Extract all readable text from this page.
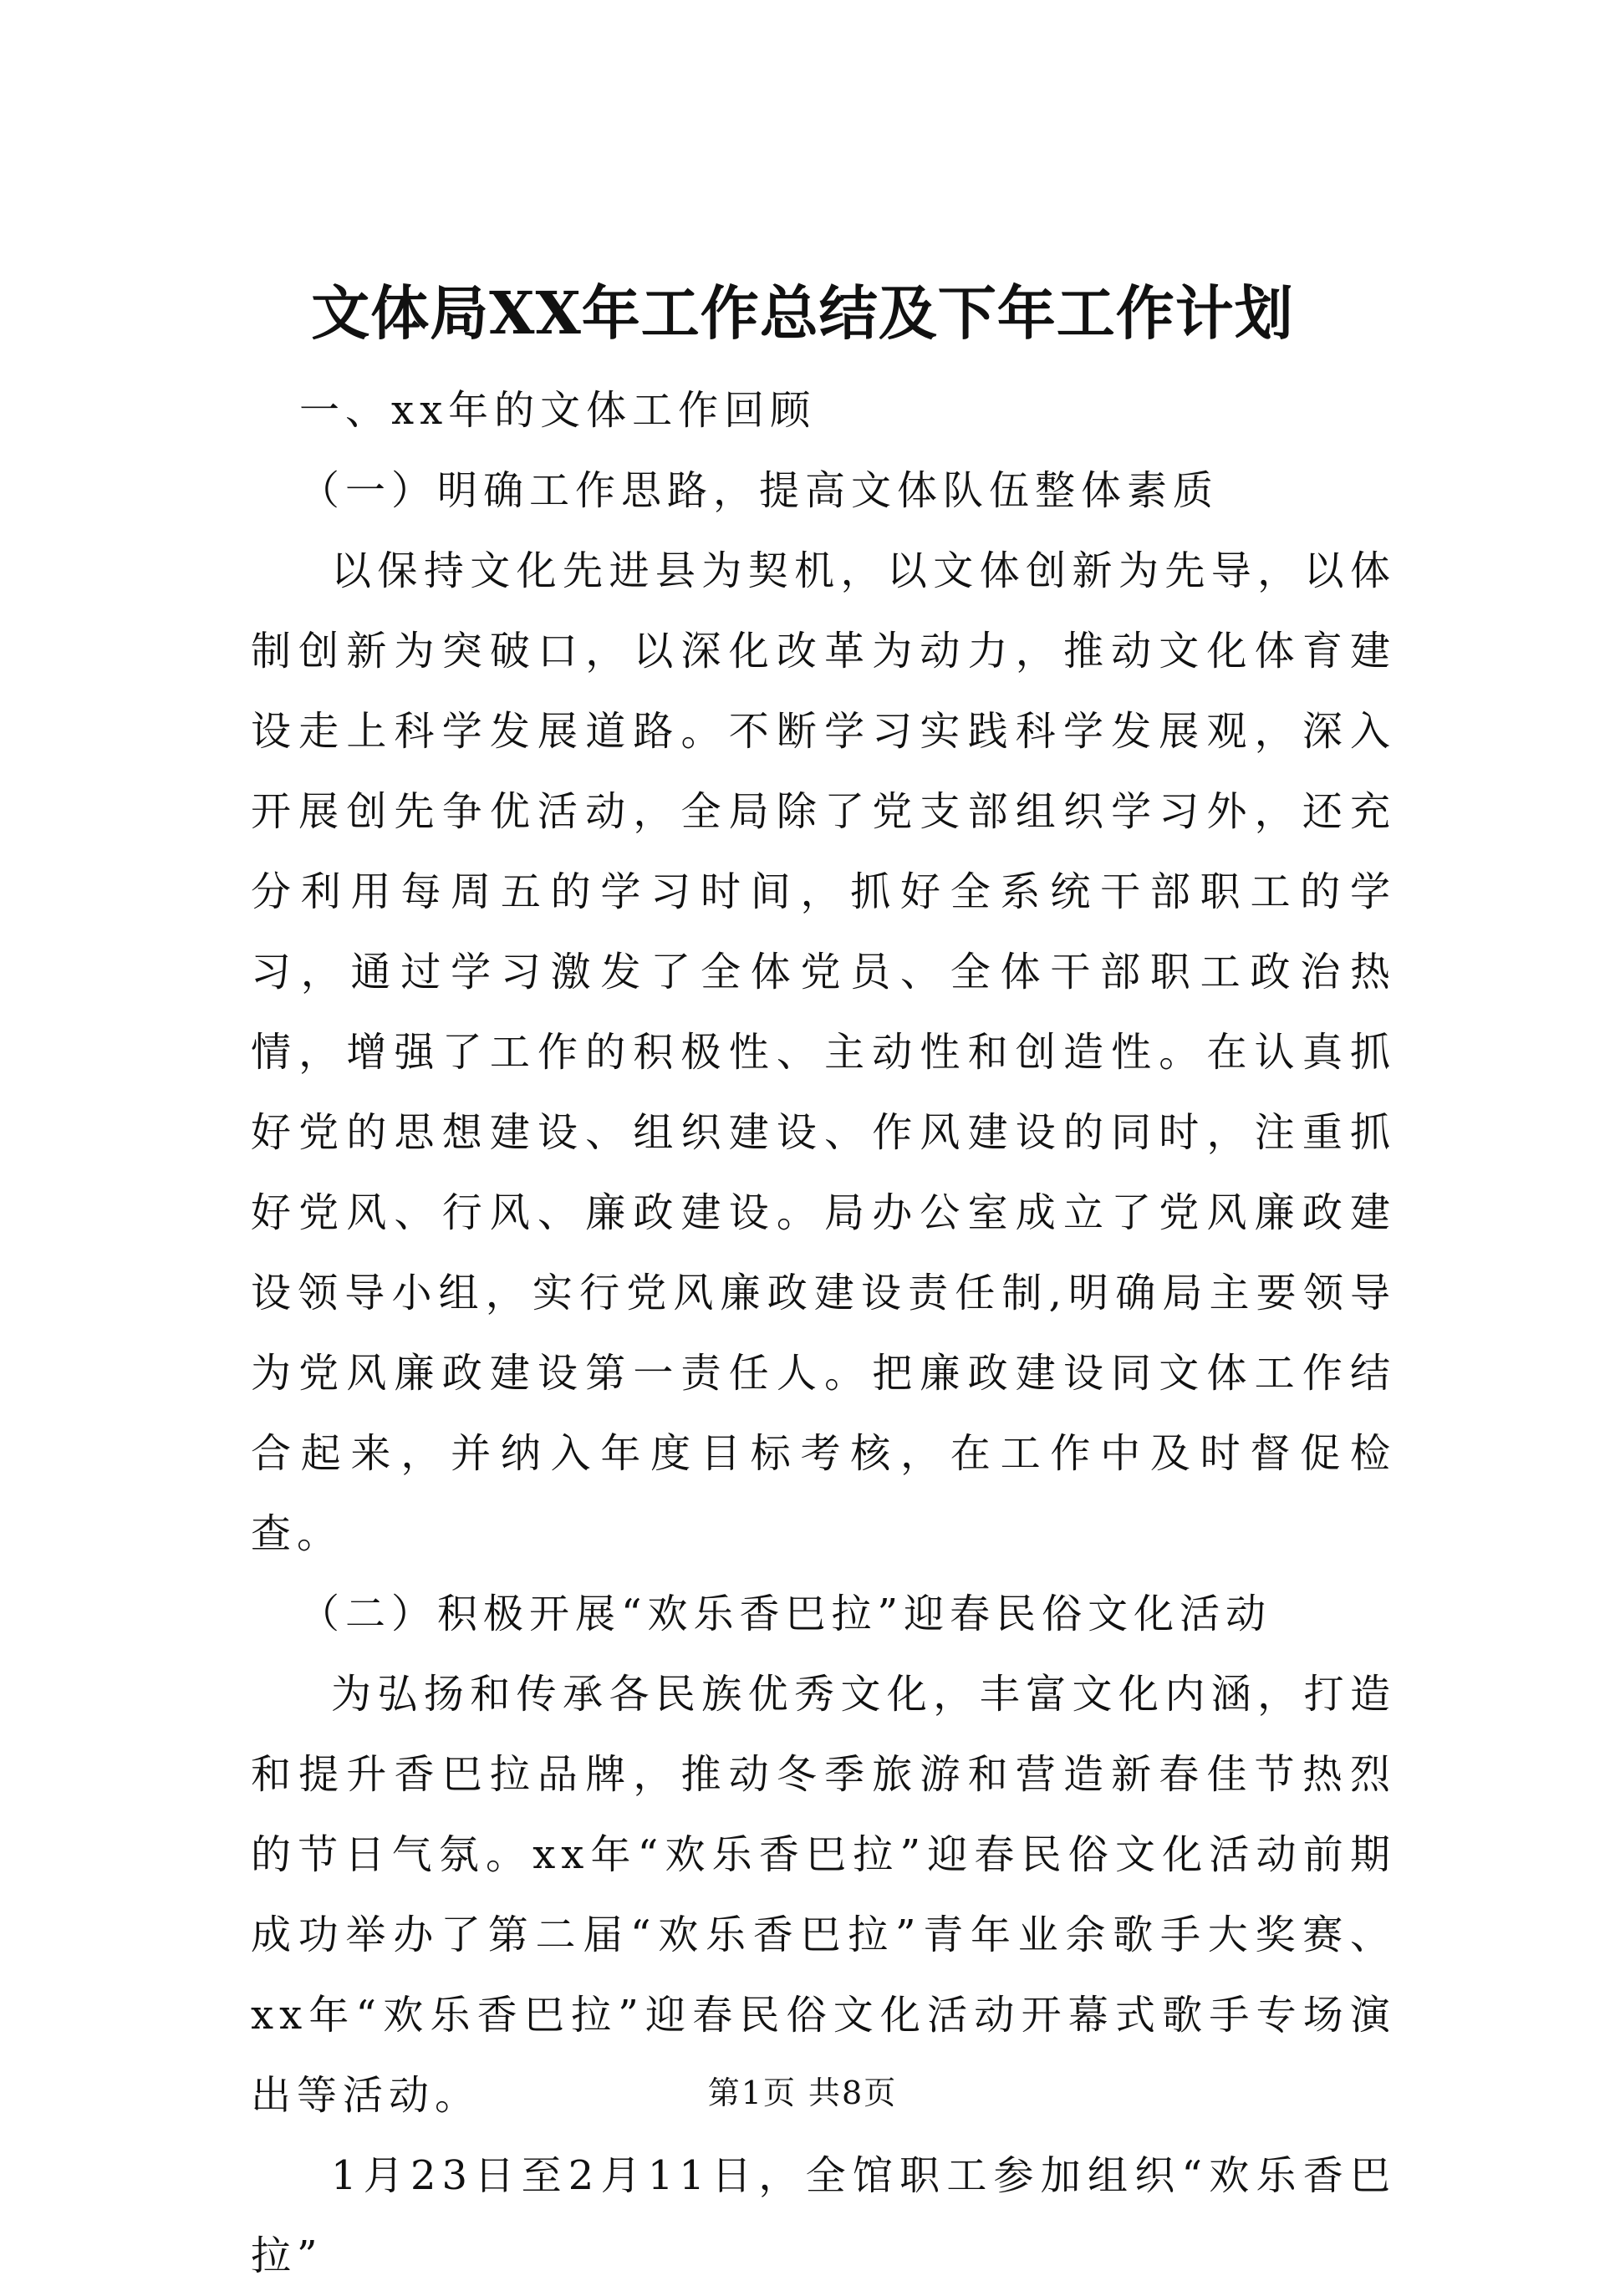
文体局XX年工作总结及下年工作计划

一、xx年的文体工作回顾

（一）明确工作思路，提高文体队伍整体素质

以保持文化先进县为契机，以文体创新为先导，以体制创新为突破口，以深化改革为动力，推动文化体育建设走上科学发展道路。不断学习实践科学发展观，深入开展创先争优活动，全局除了党支部组织学习外，还充分利用每周五的学习时间，抓好全系统干部职工的学习，通过学习激发了全体党员、全体干部职工政治热情，增强了工作的积极性、主动性和创造性。在认真抓好党的思想建设、组织建设、作风建设的同时，注重抓好党风、行风、廉政建设。局办公室成立了党风廉政建设领导小组，实行党风廉政建设责任制,明确局主要领导为党风廉政建设第一责任人。把廉政建设同文体工作结合起来，并纳入年度目标考核，在工作中及时督促检查。

（二）积极开展“欢乐香巴拉”迎春民俗文化活动

为弘扬和传承各民族优秀文化，丰富文化内涵，打造和提升香巴拉品牌，推动冬季旅游和营造新春佳节热烈的节日气氛。xx年“欢乐香巴拉”迎春民俗文化活动前期成功举办了第二届“欢乐香巴拉”青年业余歌手大奖赛、xx年“欢乐香巴拉”迎春民俗文化活动开幕式歌手专场演出等活动。

1月23日至2月11日，全馆职工参加组织“欢乐香巴拉”

第1页 共8页
